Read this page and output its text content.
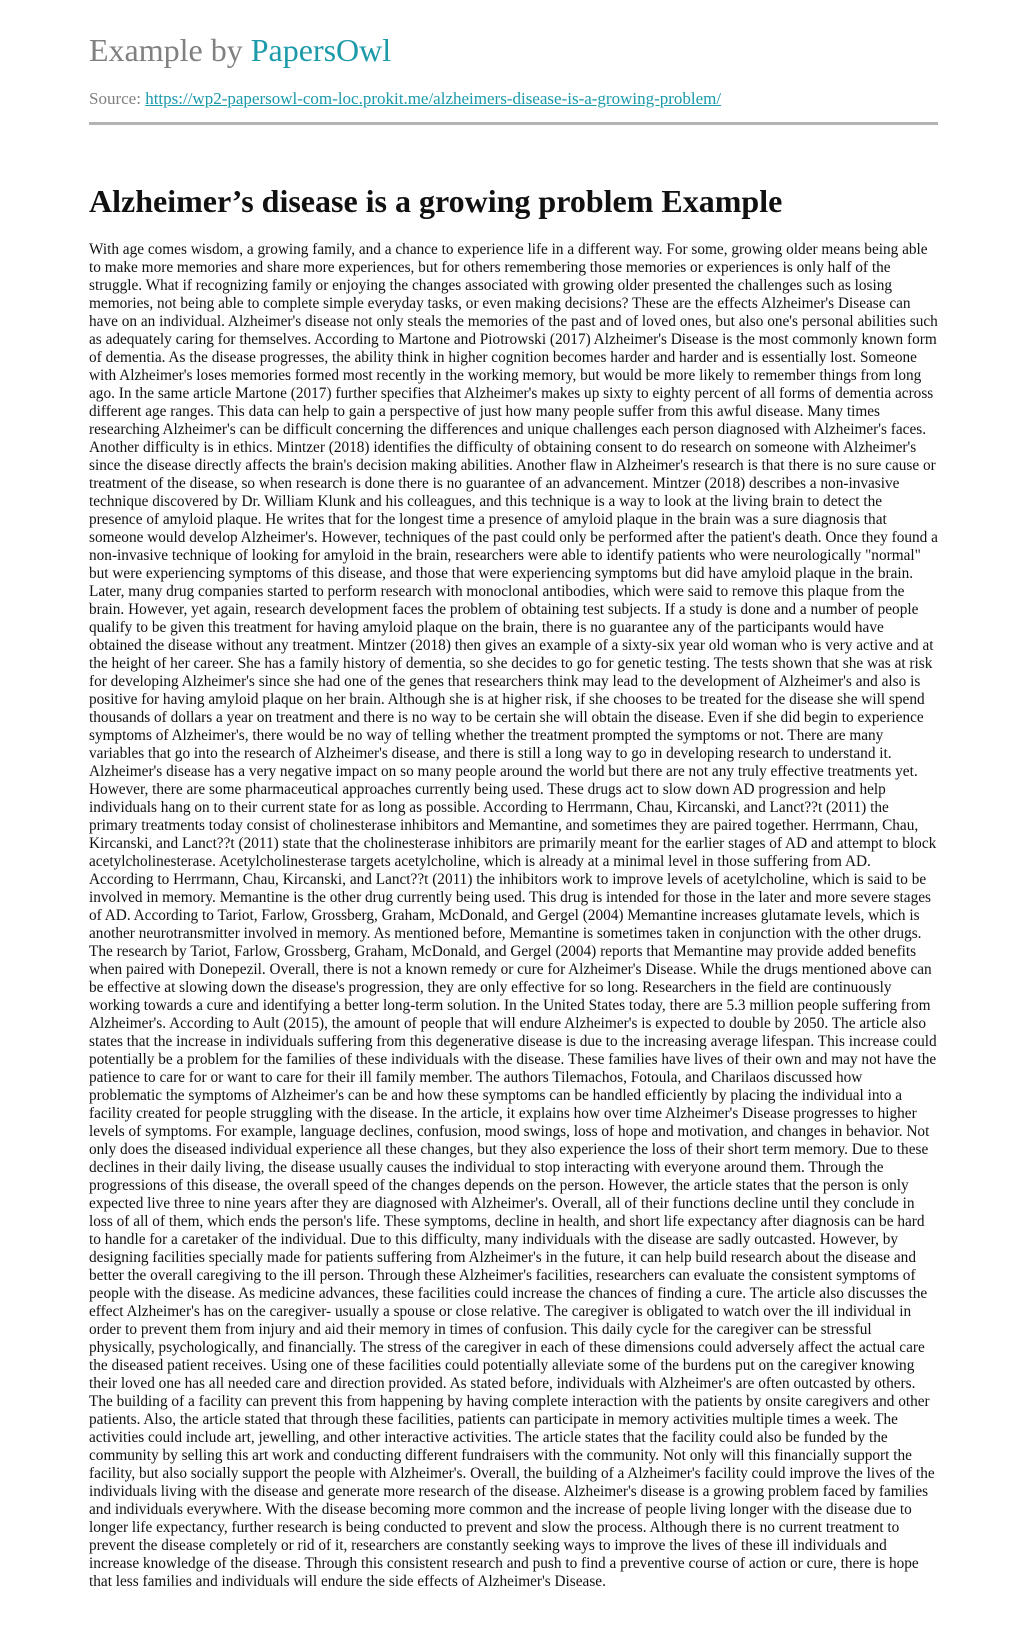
Example by PapersOwl
Source: https://wp2-papersowl-com-loc.prokit.me/alzheimers-disease-is-a-growing-problem/
Alzheimer’s disease is a growing problem Example

With age comes wisdom, a growing family, and a chance to experience life in a different way. For some, growing older means being able to make more memories and share more experiences, but for others remembering those memories or experiences is only half of the struggle. What if recognizing family or enjoying the changes associated with growing older presented the challenges such as losing memories, not being able to complete simple everyday tasks, or even making decisions? These are the effects Alzheimer's Disease can have on an individual. Alzheimer's disease not only steals the memories of the past and of loved ones, but also one's personal abilities such as adequately caring for themselves. According to Martone and Piotrowski (2017) Alzheimer's Disease is the most commonly known form of dementia. As the disease progresses, the ability think in higher cognition becomes harder and harder and is essentially lost. Someone with Alzheimer's loses memories formed most recently in the working memory, but would be more likely to remember things from long ago. In the same article Martone (2017) further specifies that Alzheimer's makes up sixty to eighty percent of all forms of dementia across different age ranges. This data can help to gain a perspective of just how many people suffer from this awful disease. Many times researching Alzheimer's can be difficult concerning the differences and unique challenges each person diagnosed with Alzheimer's faces. Another difficulty is in ethics. Mintzer (2018) identifies the difficulty of obtaining consent to do research on someone with Alzheimer's since the disease directly affects the brain's decision making abilities. Another flaw in Alzheimer's research is that there is no sure cause or treatment of the disease, so when research is done there is no guarantee of an advancement. Mintzer (2018) describes a non-invasive technique discovered by Dr. William Klunk and his colleagues, and this technique is a way to look at the living brain to detect the presence of amyloid plaque. He writes that for the longest time a presence of amyloid plaque in the brain was a sure diagnosis that someone would develop Alzheimer's. However, techniques of the past could only be performed after the patient's death. Once they found a non-invasive technique of looking for amyloid in the brain, researchers were able to identify patients who were neurologically "normal" but were experiencing symptoms of this disease, and those that were experiencing symptoms but did have amyloid plaque in the brain. Later, many drug companies started to perform research with monoclonal antibodies, which were said to remove this plaque from the brain. However, yet again, research development faces the problem of obtaining test subjects. If a study is done and a number of people qualify to be given this treatment for having amyloid plaque on the brain, there is no guarantee any of the participants would have obtained the disease without any treatment. Mintzer (2018) then gives an example of a sixty-six year old woman who is very active and at the height of her career. She has a family history of dementia, so she decides to go for genetic testing. The tests shown that she was at risk for developing Alzheimer's since she had one of the genes that researchers think may lead to the development of Alzheimer's and also is positive for having amyloid plaque on her brain. Although she is at higher risk, if she chooses to be treated for the disease she will spend thousands of dollars a year on treatment and there is no way to be certain she will obtain the disease. Even if she did begin to experience symptoms of Alzheimer's, there would be no way of telling whether the treatment prompted the symptoms or not. There are many variables that go into the research of Alzheimer's disease, and there is still a long way to go in developing research to understand it. Alzheimer's disease has a very negative impact on so many people around the world but there are not any truly effective treatments yet. However, there are some pharmaceutical approaches currently being used. These drugs act to slow down AD progression and help individuals hang on to their current state for as long as possible. According to Herrmann, Chau, Kircanski, and Lanct??t (2011) the primary treatments today consist of cholinesterase inhibitors and Memantine, and sometimes they are paired together. Herrmann, Chau, Kircanski, and Lanct??t (2011) state that the cholinesterase inhibitors are primarily meant for the earlier stages of AD and attempt to block acetylcholinesterase. Acetylcholinesterase targets acetylcholine, which is already at a minimal level in those suffering from AD. According to Herrmann, Chau, Kircanski, and Lanct??t (2011) the inhibitors work to improve levels of acetylcholine, which is said to be involved in memory. Memantine is the other drug currently being used. This drug is intended for those in the later and more severe stages of AD. According to Tariot, Farlow, Grossberg, Graham, McDonald, and Gergel (2004) Memantine increases glutamate levels, which is another neurotransmitter involved in memory. As mentioned before, Memantine is sometimes taken in conjunction with the other drugs. The research by Tariot, Farlow, Grossberg, Graham, McDonald, and Gergel (2004) reports that Memantine may provide added benefits when paired with Donepezil. Overall, there is not a known remedy or cure for Alzheimer's Disease. While the drugs mentioned above can be effective at slowing down the disease's progression, they are only effective for so long. Researchers in the field are continuously working towards a cure and identifying a better long-term solution. In the United States today, there are 5.3 million people suffering from Alzheimer's. According to Ault (2015), the amount of people that will endure Alzheimer's is expected to double by 2050. The article also states that the increase in individuals suffering from this degenerative disease is due to the increasing average lifespan. This increase could potentially be a problem for the families of these individuals with the disease. These families have lives of their own and may not have the patience to care for or want to care for their ill family member. The authors Tilemachos, Fotoula, and Charilaos discussed how problematic the symptoms of Alzheimer's can be and how these symptoms can be handled efficiently by placing the individual into a facility created for people struggling with the disease. In the article, it explains how over time Alzheimer's Disease progresses to higher levels of symptoms. For example, language declines, confusion, mood swings, loss of hope and motivation, and changes in behavior. Not only does the diseased individual experience all these changes, but they also experience the loss of their short term memory. Due to these declines in their daily living, the disease usually causes the individual to stop interacting with everyone around them. Through the progressions of this disease, the overall speed of the changes depends on the person. However, the article states that the person is only expected live three to nine years after they are diagnosed with Alzheimer's. Overall, all of their functions decline until they conclude in loss of all of them, which ends the person's life. These symptoms, decline in health, and short life expectancy after diagnosis can be hard to handle for a caretaker of the individual. Due to this difficulty, many individuals with the disease are sadly outcasted. However, by designing facilities specially made for patients suffering from Alzheimer's in the future, it can help build research about the disease and better the overall caregiving to the ill person. Through these Alzheimer's facilities, researchers can evaluate the consistent symptoms of people with the disease. As medicine advances, these facilities could increase the chances of finding a cure. The article also discusses the effect Alzheimer's has on the caregiver- usually a spouse or close relative. The caregiver is obligated to watch over the ill individual in order to prevent them from injury and aid their memory in times of confusion. This daily cycle for the caregiver can be stressful physically, psychologically, and financially. The stress of the caregiver in each of these dimensions could adversely affect the actual care the diseased patient receives. Using one of these facilities could potentially alleviate some of the burdens put on the caregiver knowing their loved one has all needed care and direction provided. As stated before, individuals with Alzheimer's are often outcasted by others. The building of a facility can prevent this from happening by having complete interaction with the patients by onsite caregivers and other patients. Also, the article stated that through these facilities, patients can participate in memory activities multiple times a week. The activities could include art, jewelling, and other interactive activities. The article states that the facility could also be funded by the community by selling this art work and conducting different fundraisers with the community. Not only will this financially support the facility, but also socially support the people with Alzheimer's. Overall, the building of a Alzheimer's facility could improve the lives of the individuals living with the disease and generate more research of the disease. Alzheimer's disease is a growing problem faced by families and individuals everywhere. With the disease becoming more common and the increase of people living longer with the disease due to longer life expectancy, further research is being conducted to prevent and slow the process. Although there is no current treatment to prevent the disease completely or rid of it, researchers are constantly seeking ways to improve the lives of these ill individuals and increase knowledge of the disease. Through this consistent research and push to find a preventive course of action or cure, there is hope that less families and individuals will endure the side effects of Alzheimer's Disease.
